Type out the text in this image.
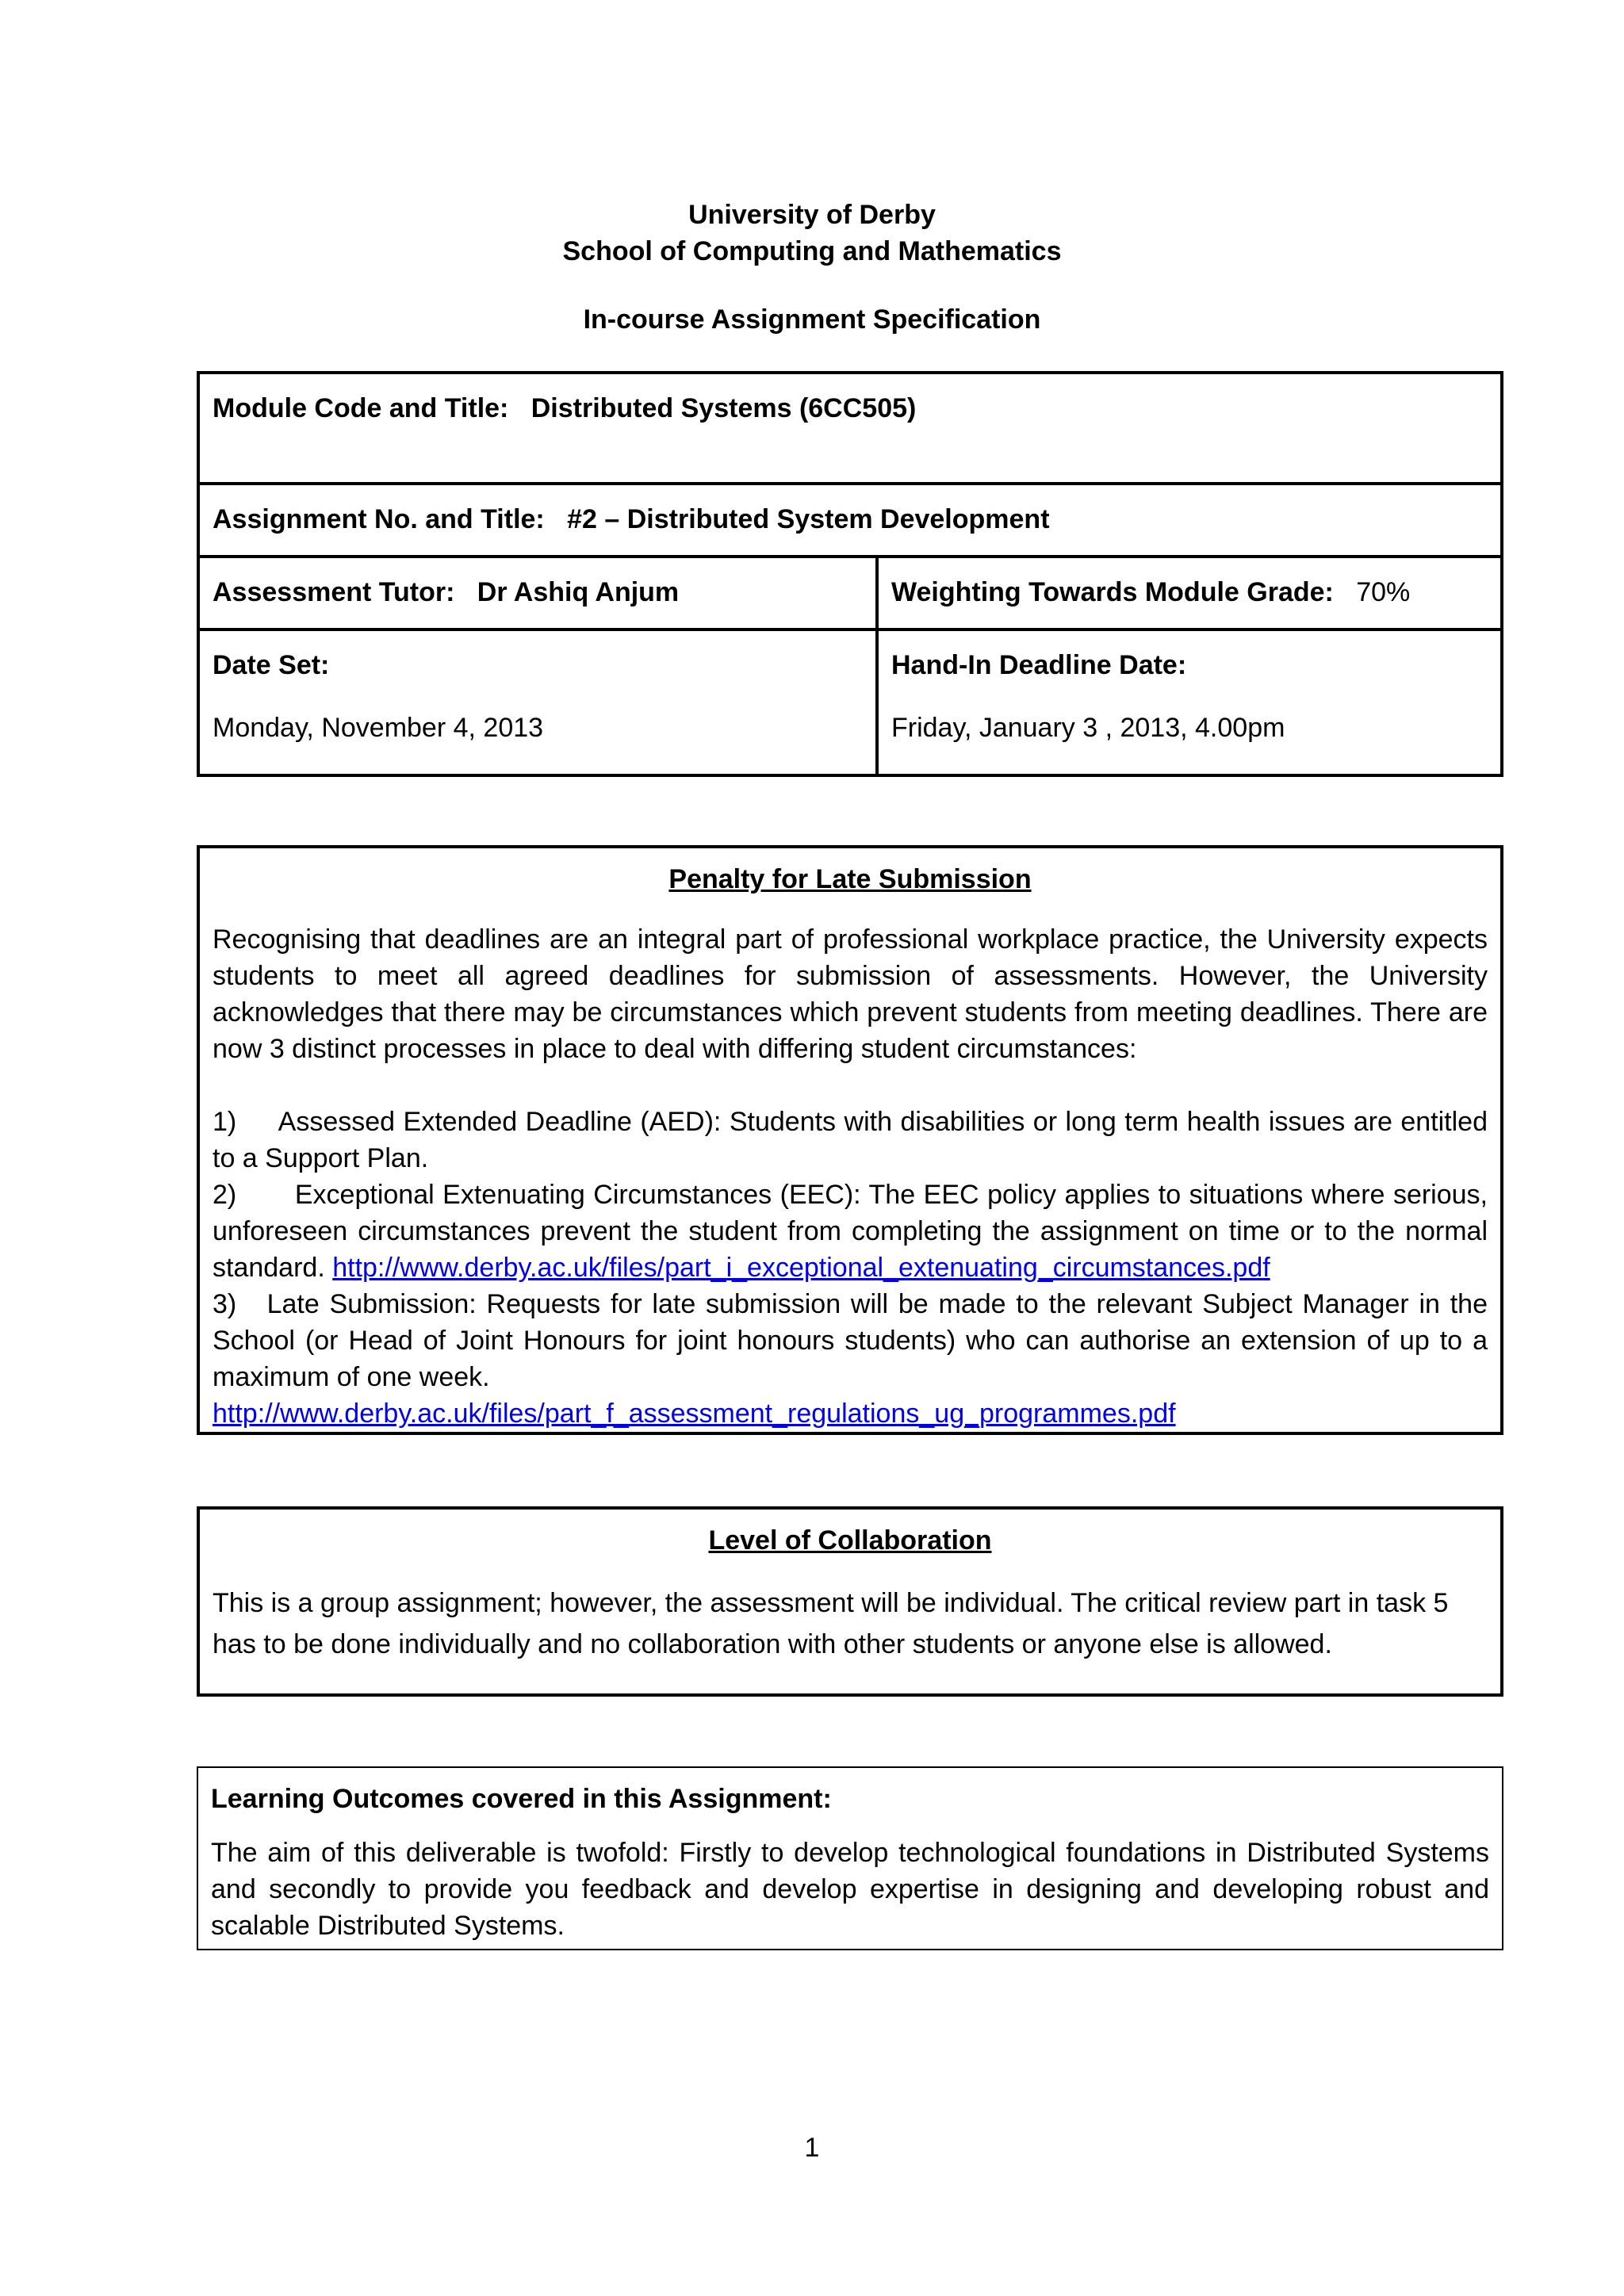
University of Derby
School of Computing and Mathematics
In-course Assignment Specification
Module Code and Title: Distributed Systems (6CC505)
Assignment No. and Title: #2 – Distributed System Development
Assessment Tutor: Dr Ashiq Anjum	Weighting Towards Module Grade: 70%
Date Set:
Monday, November 4, 2013
Hand-In Deadline Date:
Friday, January 3 , 2013, 4.00pm
Penalty for Late Submission
Recognising that deadlines are an integral part of professional workplace practice, the University expects students to meet all agreed deadlines for submission of assessments. However, the University acknowledges that there may be circumstances which prevent students from meeting deadlines. There are now 3 distinct processes in place to deal with differing student circumstances:
1)     Assessed Extended Deadline (AED): Students with disabilities or long term health issues are entitled to a Support Plan.
2)       Exceptional Extenuating Circumstances (EEC): The EEC policy applies to situations where serious, unforeseen circumstances prevent the student from completing the assignment on time or to the normal standard. http://www.derby.ac.uk/files/part_i_exceptional_extenuating_circumstances.pdf
3)   Late Submission: Requests for late submission will be made to the relevant Subject Manager in the School (or Head of Joint Honours for joint honours students) who can authorise an extension of up to a maximum of one week.
http://www.derby.ac.uk/files/part_f_assessment_regulations_ug_programmes.pdf
Level of Collaboration
This is a group assignment; however, the assessment will be individual. The critical review part in task 5 has to be done individually and no collaboration with other students or anyone else is allowed.
Learning Outcomes covered in this Assignment:
The aim of this deliverable is twofold: Firstly to develop technological foundations in Distributed Systems and secondly to provide you feedback and develop expertise in designing and developing robust and scalable Distributed Systems.
1
